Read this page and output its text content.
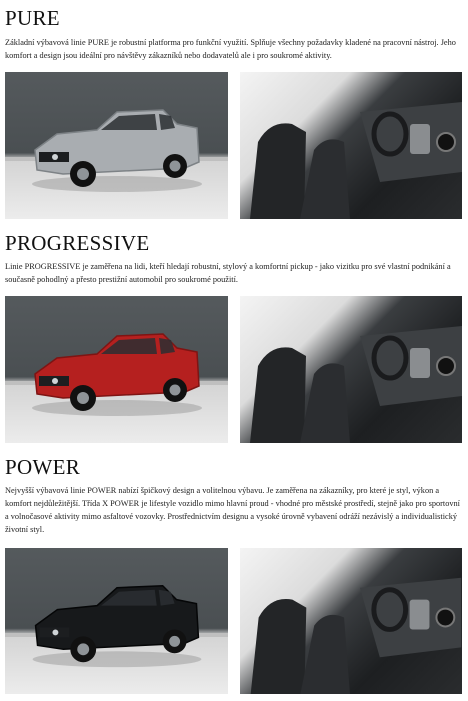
PURE
Základní výbavová linie PURE je robustní platforma pro funkční využití. Splňuje všechny požadavky kladené na pracovní nástroj. Jeho komfort a design jsou ideální pro návštěvy zákazníků nebo dodavatelů ale i pro soukromé aktivity.
PROGRESSIVE
Linie PROGRESSIVE je zaměřena na lidi, kteří hledají robustní, stylový a komfortní pickup - jako vizitku pro své vlastní podnikání a současně pohodlný a přesto prestižní automobil pro soukromé použití.
POWER
Nejvyšší výbavová linie POWER nabízí špičkový design a volitelnou výbavu. Je zaměřena na zákazníky, pro které je styl, výkon a komfort nejdůležitější. Třída X POWER je lifestyle vozidlo mimo hlavní proud - vhodné pro městské prostředí, stejně jako pro sportovní a volnočasové aktivity mimo asfaltové vozovky. Prostřednictvím designu a vysoké úrovně vybavení odráží nezávislý a individualistický životní styl.
